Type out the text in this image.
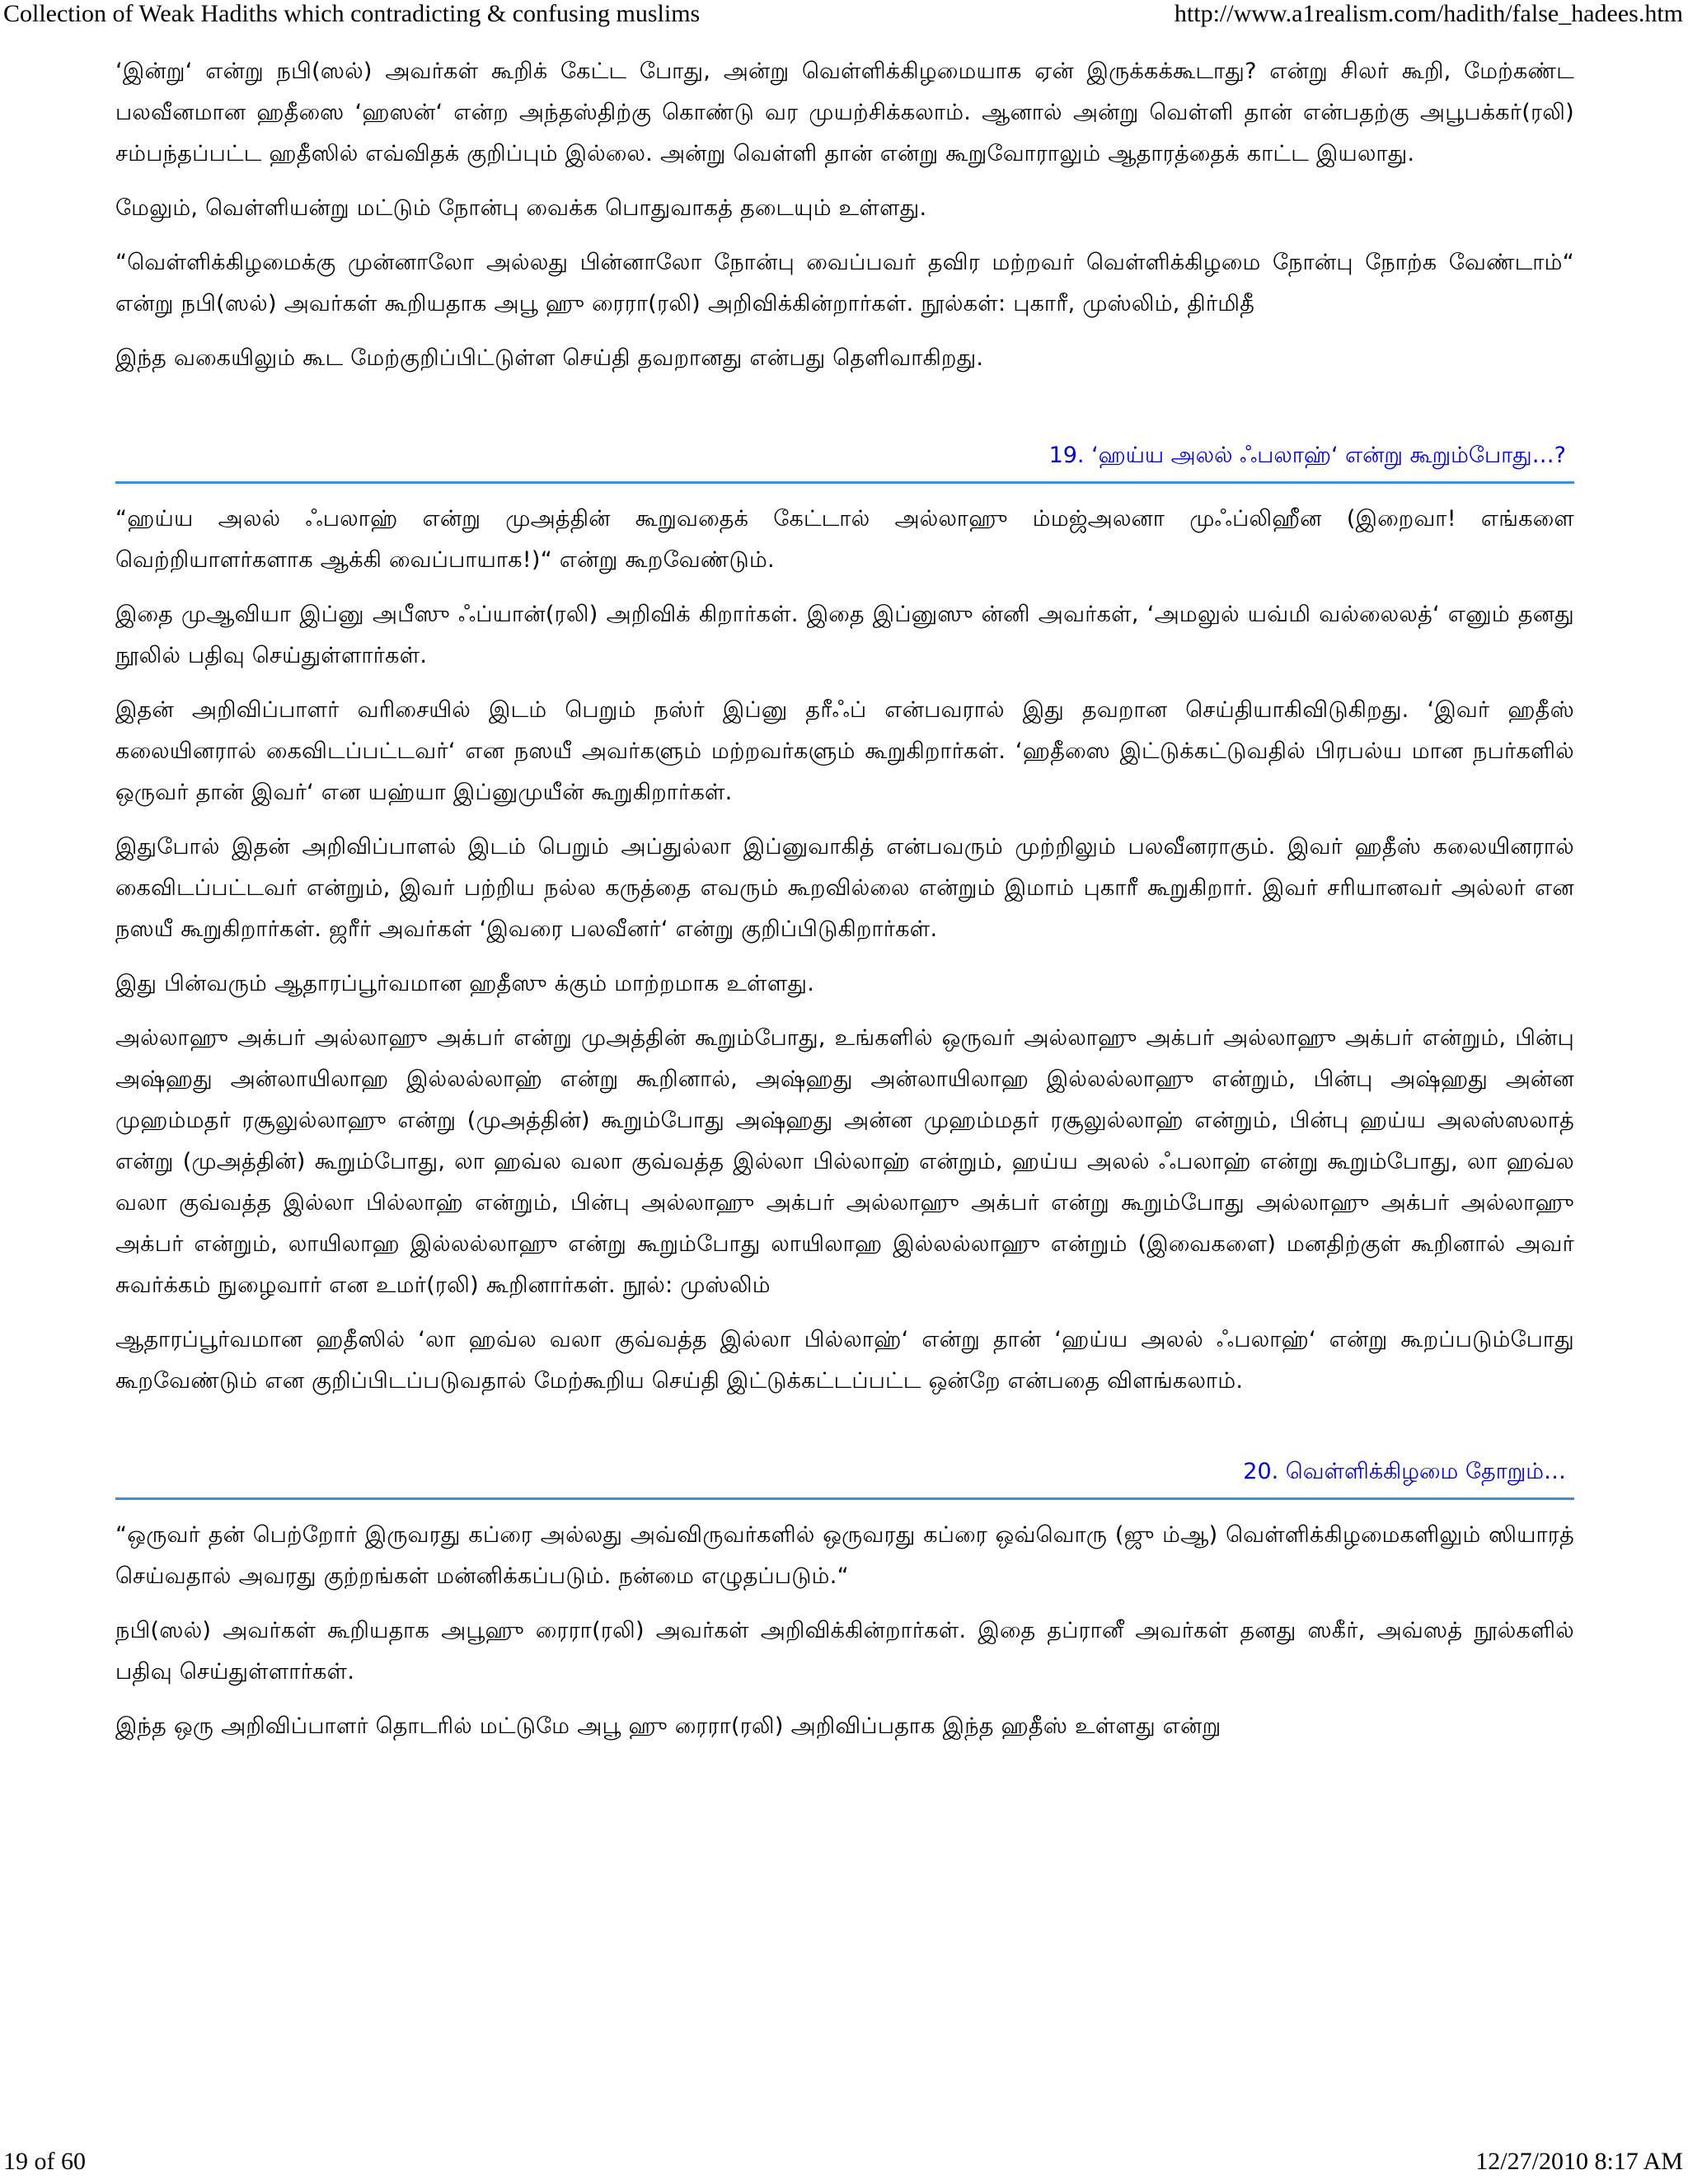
Collection of Weak Hadiths which contradicting & confusing muslims	http://www.a1realism.com/hadith/false_hadees.htm

‘இன்று‘ என்று நபி(ஸல்) அவர்கள் கூறிக் கேட்ட போது, அன்று வெள்ளிக்கிழமையாக ஏன் இருக்கக்கூடாது? என்று சிலர் கூறி, மேற்கண்ட பலவீனமான ஹதீஸை ‘ஹஸன்‘ என்ற அந்தஸ்திற்கு கொண்டு வர முயற்சிக்கலாம். ஆனால் அன்று வெள்ளி தான் என்பதற்கு அபூபக்கர்(ரலி) சம்பந்தப்பட்ட ஹதீஸில் எவ்விதக் குறிப்பும் இல்லை. அன்று வெள்ளி தான் என்று கூறுவோராலும் ஆதாரத்தைக் காட்ட இயலாது.

மேலும், வெள்ளியன்று மட்டும் நோன்பு வைக்க பொதுவாகத் தடையும் உள்ளது.

“வெள்ளிக்கிழமைக்கு முன்னாலோ அல்லது பின்னாலோ நோன்பு வைப்பவர் தவிர மற்றவர் வெள்ளிக்கிழமை நோன்பு நோற்க வேண்டாம்“ என்று நபி(ஸல்) அவர்கள் கூறியதாக அபூ ஹு ரைரா(ரலி) அறிவிக்கின்றார்கள். நூல்கள்: புகாரீ, முஸ்லிம், திர்மிதீ

இந்த வகையிலும் கூட மேற்குறிப்பிட்டுள்ள செய்தி தவறானது என்பது தெளிவாகிறது.

19. ‘ஹய்ய அலல் ஃபலாஹ்‘ என்று கூறும்போது…?

“ஹய்ய அலல் ஃபலாஹ் என்று முஅத்தின் கூறுவதைக் கேட்டால் அல்லாஹு ம்மஜ்அலனா முஃப்லிஹீன (இறைவா! எங்களை வெற்றியாளர்களாக ஆக்கி வைப்பாயாக!)“ என்று கூறவேண்டும்.

இதை முஆவியா இப்னு அபீஸு ஃப்யான்(ரலி) அறிவிக் கிறார்கள். இதை இப்னுஸு ன்னி அவர்கள், ‘அமலுல் யவ்மி வல்லைலத்‘ எனும் தனது நூலில் பதிவு செய்துள்ளார்கள்.

இதன் அறிவிப்பாளர் வரிசையில் இடம் பெறும் நஸ்ர் இப்னு தரீஃப் என்பவரால் இது தவறான செய்தியாகிவிடுகிறது. ‘இவர் ஹதீஸ் கலையினரால் கைவிடப்பட்டவர்‘ என நஸயீ அவர்களும் மற்றவர்களும் கூறுகிறார்கள். ‘ஹதீஸை இட்டுக்கட்டுவதில் பிரபல்ய மான நபர்களில் ஒருவர் தான் இவர்‘ என யஹ்யா இப்னுமுயீன் கூறுகிறார்கள்.

இதுபோல் இதன் அறிவிப்பாளல் இடம் பெறும் அப்துல்லா இப்னுவாகித் என்பவரும் முற்றிலும் பலவீனராகும். இவர் ஹதீஸ் கலையினரால் கைவிடப்பட்டவர் என்றும், இவர் பற்றிய நல்ல கருத்தை எவரும் கூறவில்லை என்றும் இமாம் புகாரீ கூறுகிறார். இவர் சரியானவர் அல்லர் என நஸயீ கூறுகிறார்கள். ஜரீர் அவர்கள் ‘இவரை பலவீனர்‘ என்று குறிப்பிடுகிறார்கள்.

இது பின்வரும் ஆதாரப்பூர்வமான ஹதீஸு க்கும் மாற்றமாக உள்ளது.

அல்லாஹு அக்பர் அல்லாஹு அக்பர் என்று முஅத்தின் கூறும்போது, உங்களில் ஒருவர் அல்லாஹு அக்பர் அல்லாஹு அக்பர் என்றும், பின்பு அஷ்ஹது அன்லாயிலாஹ இல்லல்லாஹ் என்று கூறினால், அஷ்ஹது அன்லாயிலாஹ இல்லல்லாஹு என்றும், பின்பு அஷ்ஹது அன்ன முஹம்மதர் ரசூலுல்லாஹு என்று (முஅத்தின்) கூறும்போது அஷ்ஹது அன்ன முஹம்மதர் ரசூலுல்லாஹ் என்றும், பின்பு ஹய்ய அலஸ்ஸலாத் என்று (முஅத்தின்) கூறும்போது, லா ஹவ்ல வலா குவ்வத்த இல்லா பில்லாஹ் என்றும், ஹய்ய அலல் ஃபலாஹ் என்று கூறும்போது, லா ஹவ்ல வலா குவ்வத்த இல்லா பில்லாஹ் என்றும், பின்பு அல்லாஹு அக்பர் அல்லாஹு அக்பர் என்று கூறும்போது அல்லாஹு அக்பர் அல்லாஹு அக்பர் என்றும், லாயிலாஹ இல்லல்லாஹு என்று கூறும்போது லாயிலாஹ இல்லல்லாஹு என்றும் (இவைகளை) மனதிற்குள் கூறினால் அவர் சுவர்க்கம் நுழைவார் என உமர்(ரலி) கூறினார்கள். நூல்: முஸ்லிம்

ஆதாரப்பூர்வமான ஹதீஸில் ‘லா ஹவ்ல வலா குவ்வத்த இல்லா பில்லாஹ்‘ என்று தான் ‘ஹய்ய அலல் ஃபலாஹ்‘ என்று கூறப்படும்போது கூறவேண்டும் என குறிப்பிடப்படுவதால் மேற்கூறிய செய்தி இட்டுக்கட்டப்பட்ட ஒன்றே என்பதை விளங்கலாம்.

20. வெள்ளிக்கிழமை தோறும்…

“ஒருவர் தன் பெற்றோர் இருவரது கப்ரை அல்லது அவ்விருவர்களில் ஒருவரது கப்ரை ஒவ்வொரு (ஜு ம்ஆ) வெள்ளிக்கிழமைகளிலும் ஸியாரத் செய்வதால் அவரது குற்றங்கள் மன்னிக்கப்படும். நன்மை எழுதப்படும்.“

நபி(ஸல்) அவர்கள் கூறியதாக அபூஹு ரைரா(ரலி) அவர்கள் அறிவிக்கின்றார்கள். இதை தப்ரானீ அவர்கள் தனது ஸகீர், அவ்ஸத் நூல்களில் பதிவு செய்துள்ளார்கள்.

இந்த ஒரு அறிவிப்பாளர் தொடரில் மட்டுமே அபூ ஹு ரைரா(ரலி) அறிவிப்பதாக இந்த ஹதீஸ் உள்ளது என்று

19 of 60	12/27/2010 8:17 AM
